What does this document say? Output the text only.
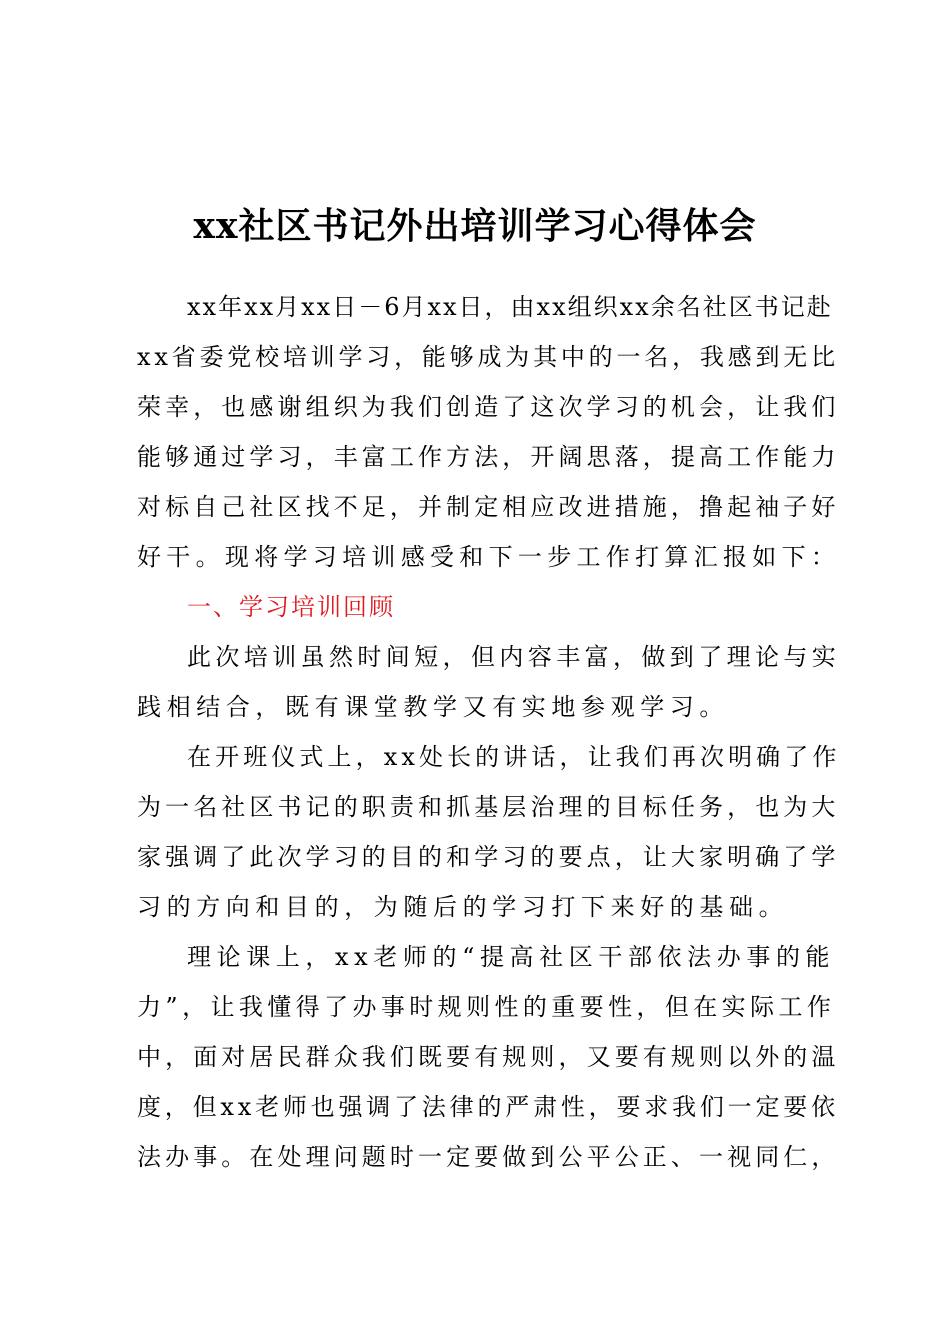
xx社区书记外出培训学习心得体会
xx年xx月xx日－6月xx日，由xx组织xx余名社区书记赴
xx省委党校培训学习，能够成为其中的一名，我感到无比
荣幸，也感谢组织为我们创造了这次学习的机会，让我们
能够通过学习，丰富工作方法，开阔思落，提高工作能力
对标自己社区找不足，并制定相应改进措施，撸起袖子好
好干。现将学习培训感受和下一步工作打算汇报如下：
一、学习培训回顾
此次培训虽然时间短，但内容丰富，做到了理论与实
践相结合，既有课堂教学又有实地参观学习。
在开班仪式上，xx处长的讲话，让我们再次明确了作
为一名社区书记的职责和抓基层治理的目标任务，也为大
家强调了此次学习的目的和学习的要点，让大家明确了学
习的方向和目的，为随后的学习打下来好的基础。
理论课上，xx老师的“提高社区干部依法办事的能
力”，让我懂得了办事时规则性的重要性，但在实际工作
中，面对居民群众我们既要有规则，又要有规则以外的温
度，但xx老师也强调了法律的严肃性，要求我们一定要依
法办事。在处理问题时一定要做到公平公正、一视同仁，
